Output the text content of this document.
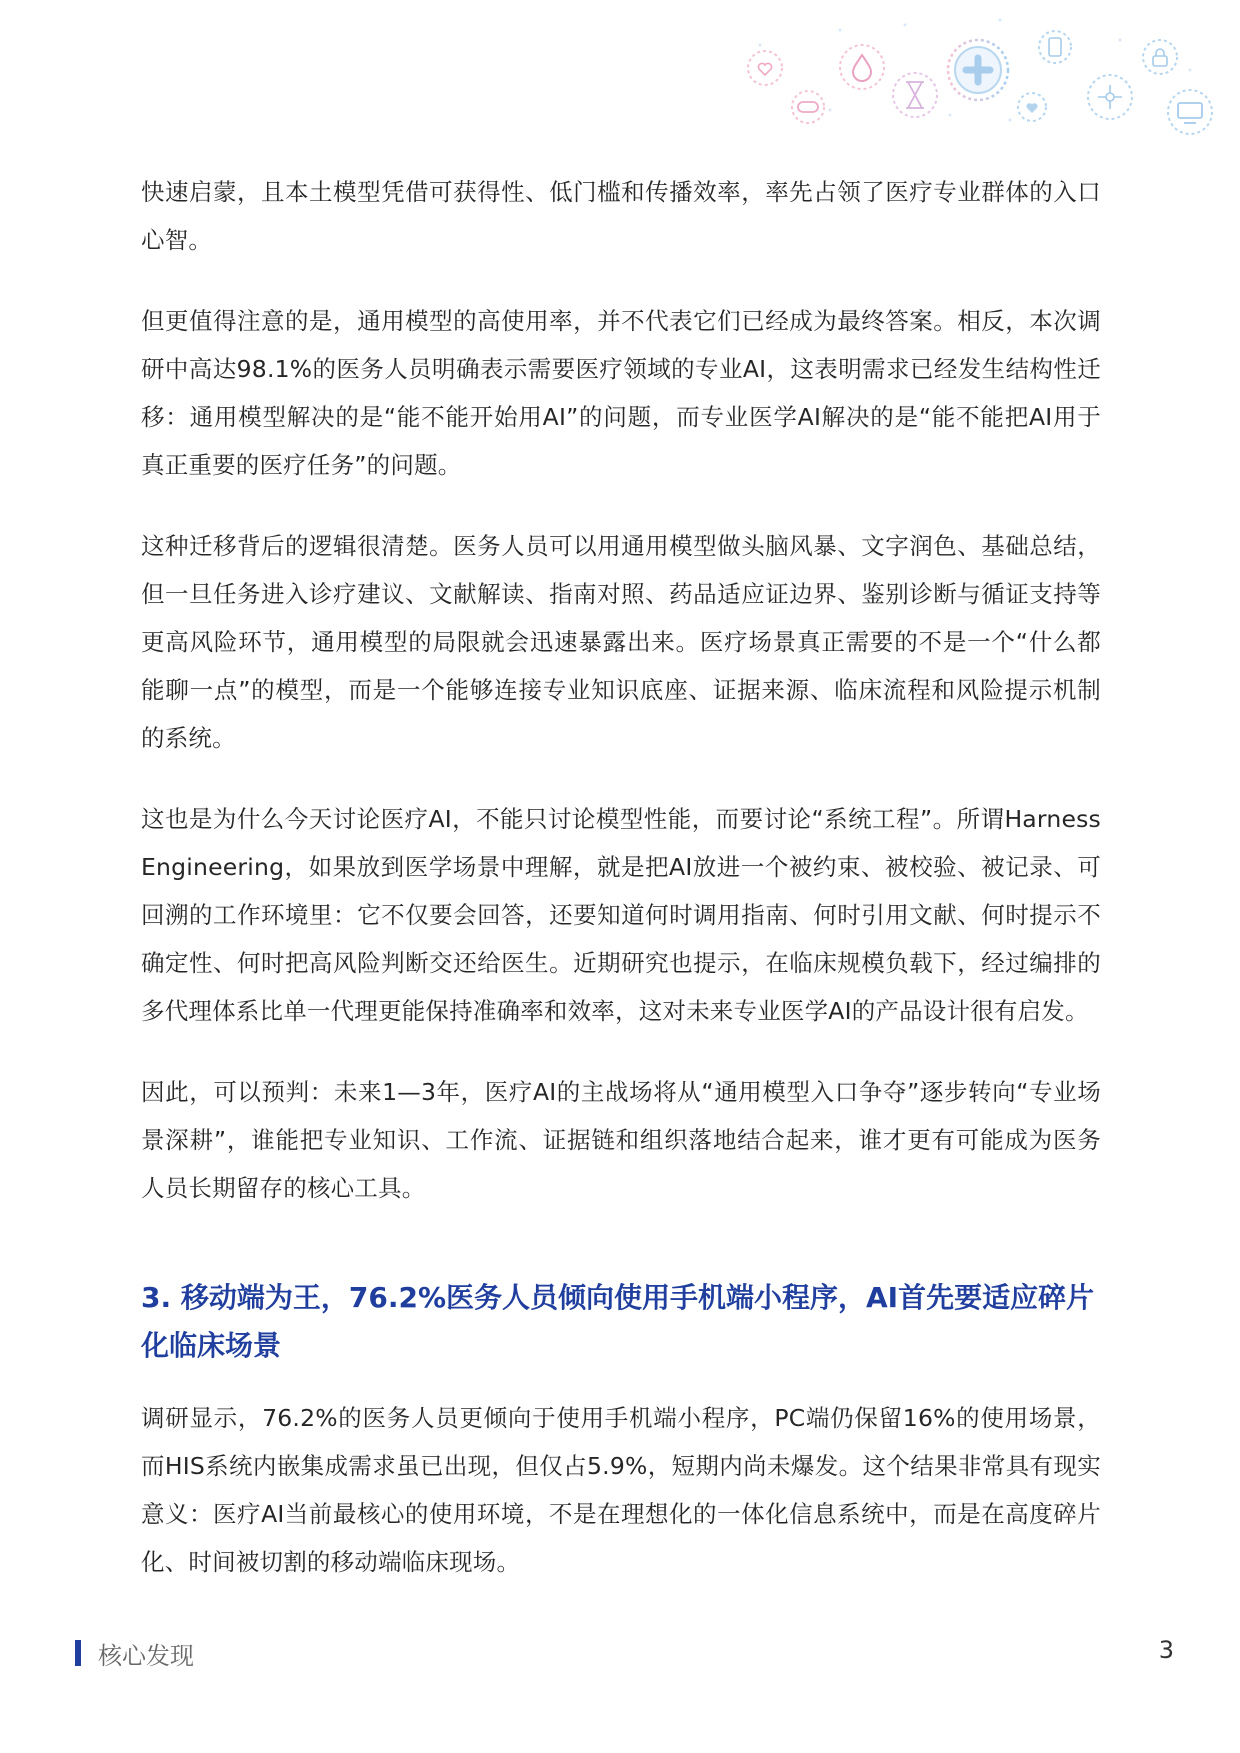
快速启蒙，且本土模型凭借可获得性、低门槛和传播效率，率先占领了医疗专业群体的入口心智。

但更值得注意的是，通用模型的高使用率，并不代表它们已经成为最终答案。相反，本次调研中高达98.1%的医务人员明确表示需要医疗领域的专业AI，这表明需求已经发生结构性迁移：通用模型解决的是“能不能开始用AI”的问题，而专业医学AI解决的是“能不能把AI用于真正重要的医疗任务”的问题。

这种迁移背后的逻辑很清楚。医务人员可以用通用模型做头脑风暴、文字润色、基础总结，但一旦任务进入诊疗建议、文献解读、指南对照、药品适应证边界、鉴别诊断与循证支持等更高风险环节，通用模型的局限就会迅速暴露出来。医疗场景真正需要的不是一个“什么都能聊一点”的模型，而是一个能够连接专业知识底座、证据来源、临床流程和风险提示机制的系统。

这也是为什么今天讨论医疗AI，不能只讨论模型性能，而要讨论“系统工程”。所谓Harness Engineering，如果放到医学场景中理解，就是把AI放进一个被约束、被校验、被记录、可回溯的工作环境里：它不仅要会回答，还要知道何时调用指南、何时引用文献、何时提示不确定性、何时把高风险判断交还给医生。近期研究也提示，在临床规模负载下，经过编排的多代理体系比单一代理更能保持准确率和效率，这对未来专业医学AI的产品设计很有启发。

因此，可以预判：未来1—3年，医疗AI的主战场将从“通用模型入口争夺”逐步转向“专业场景深耕”，谁能把专业知识、工作流、证据链和组织落地结合起来，谁才更有可能成为医务人员长期留存的核心工具。

3. 移动端为王，76.2%医务人员倾向使用手机端小程序，AI首先要适应碎片化临床场景

调研显示，76.2%的医务人员更倾向于使用手机端小程序，PC端仍保留16%的使用场景，而HIS系统内嵌集成需求虽已出现，但仅占5.9%，短期内尚未爆发。这个结果非常具有现实意义：医疗AI当前最核心的使用环境，不是在理想化的一体化信息系统中，而是在高度碎片化、时间被切割的移动端临床现场。

核心发现	3
